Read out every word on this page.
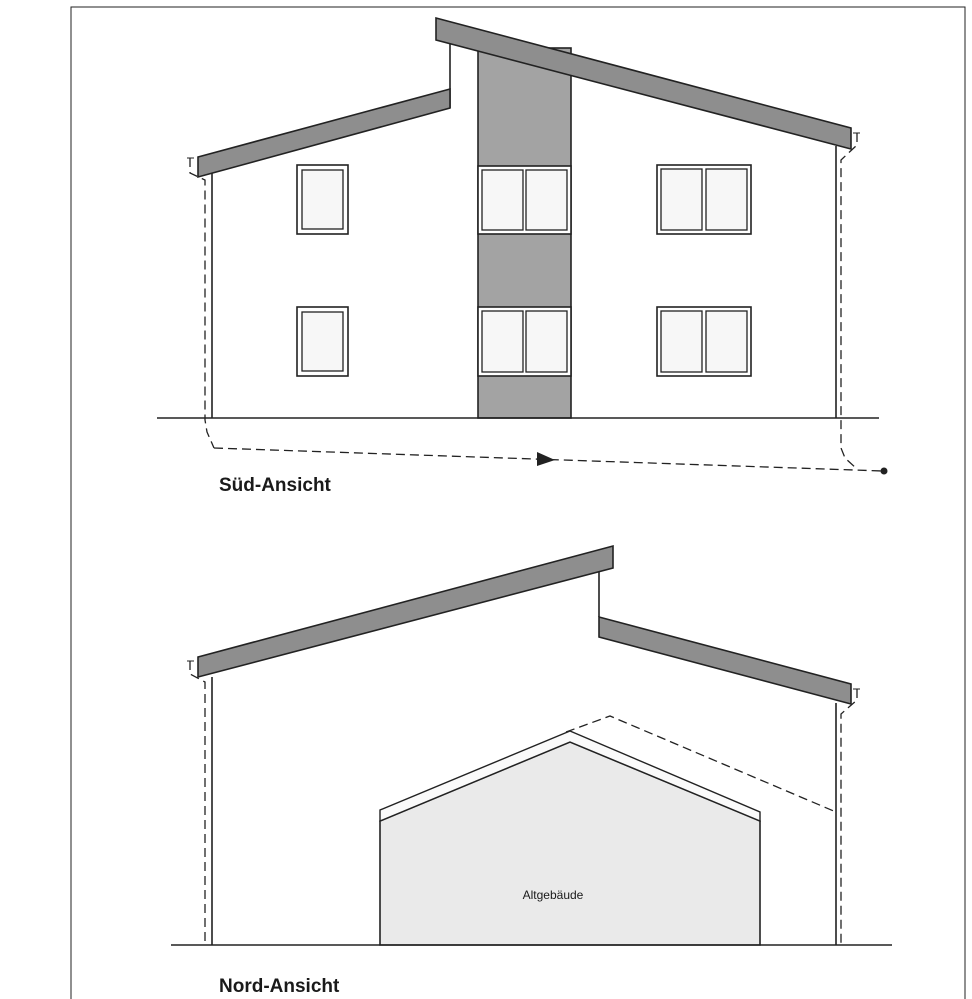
Süd-Ansicht
Altgebäude
Nord-Ansicht
